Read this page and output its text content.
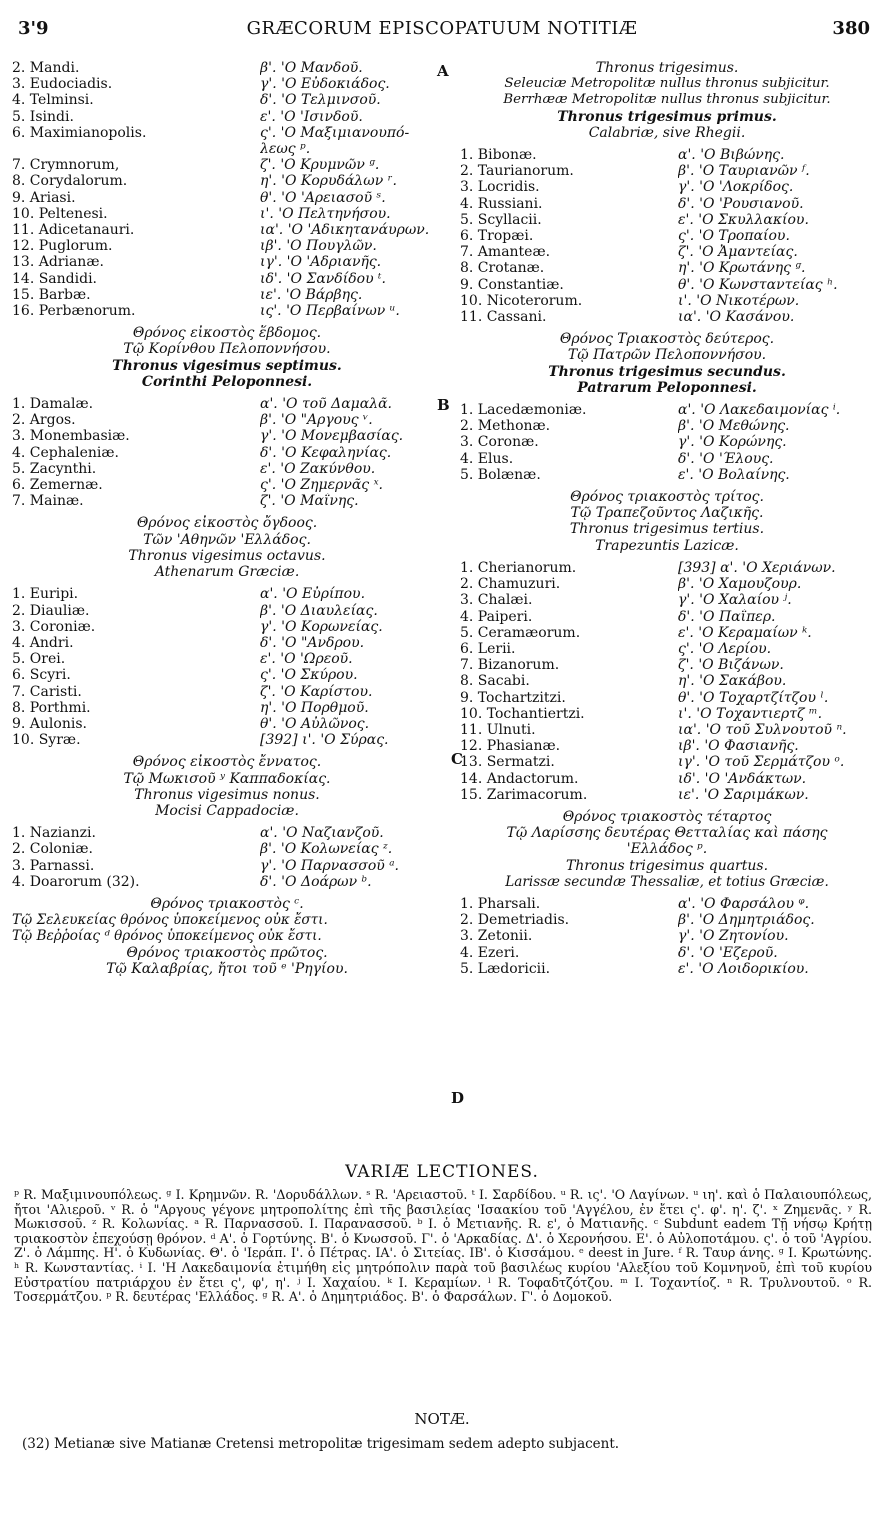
3'9	GRÆCORUM EPISCOPATUUM NOTITIÆ	380
A
B
C
D
2. Mandi.	β'. 'Ο Μανδοῦ.
3. Eudociadis.	γ'. 'Ο Εὐδοκιάδος.
4. Telminsi.	δ'. 'Ο Τελμινσοῦ.
5. Isindi.	ε'. 'Ο 'Ισινδοῦ.
6. Maximianopolis.	ς'. 'Ο Μαξιμιανουπό-
λεως ᵖ.
7. Crymnorum,	ζ'. 'Ο Κρυμνῶν ᵍ.
8. Corydalorum.	η'. 'Ο Κορυδάλων ʳ.
9. Ariasi.	θ'. 'Ο 'Αρειασοῦ ˢ.
10. Peltenesi.	ι'. 'Ο Πελτηνήσου.
11. Adicetanauri.	ια'. 'Ο 'Αδικητανάυρων.
12. Puglorum.	ιβ'. 'Ο Πουγλῶν.
13. Adrianæ.	ιγ'. 'Ο 'Αδριανῆς.
14. Sandidi.	ιδ'. 'Ο Σανδίδου ᵗ.
15. Barbæ.	ιε'. 'Ο Βάρβης.
16. Perbænorum.	ις'. 'Ο Περβαίνων ᵘ.
Θρόνος εἰκοστὸς ἕβδομος.
Τῷ Κορίνθου Πελοποννήσου.
Thronus vigesimus septimus.
Corinthi Peloponnesi.
1. Damalæ.	α'. 'Ο τοῦ Δαμαλᾶ.
2. Argos.	β'. 'Ο "Αργους ᵛ.
3. Monembasiæ.	γ'. 'Ο Μονεμβασίας.
4. Cephaleniæ.	δ'. 'Ο Κεφαληνίας.
5. Zacynthi.	ε'. 'Ο Ζακύνθου.
6. Zemernæ.	ς'. 'Ο Ζημερνᾶς ˣ.
7. Mainæ.	ζ'. 'Ο Μαΐνης.
Θρόνος εἰκοστὸς ὄγδοος.
Τῶν 'Αθηνῶν 'Ελλάδος.
Thronus vigesimus octavus.
Athenarum Græciæ.
1. Euripi.	α'. 'Ο Εὐρίπου.
2. Diauliæ.	β'. 'Ο Διαυλείας.
3. Coroniæ.	γ'. 'Ο Κορωνείας.
4. Andri.	δ'. 'Ο "Ανδρου.
5. Orei.	ε'. 'Ο 'Ωρεοῦ.
6. Scyri.	ς'. 'Ο Σκύρου.
7. Caristi.	ζ'. 'Ο Καρίστου.
8. Porthmi.	η'. 'Ο Πορθμοῦ.
9. Aulonis.	θ'. 'Ο Αὐλῶνος.
10. Syræ.	[392] ι'. 'Ο Σύρας.
Θρόνος εἰκοστὸς ἔννατος.
Τῷ Μωκισοῦ ʸ Καππαδοκίας.
Thronus vigesimus nonus.
Mocisi Cappadociæ.
1. Nazianzi.	α'. 'Ο Ναζιανζοῦ.
2. Coloniæ.	β'. 'Ο Κολωνείας ᶻ.
3. Parnassi.	γ'. 'Ο Παρνασσοῦ ᵃ.
4. Doarorum (32).	δ'. 'Ο Δοάρων ᵇ.
Θρόνος τριακοστὸς ᶜ.
Τῷ Σελευκείας θρόνος ὑποκείμενος οὐκ ἔστι.
Τῷ Βεῤῥοίας ᵈ θρόνος ὑποκείμενος οὐκ ἔστι.
Θρόνος τριακοστὸς πρῶτος.
Τῷ Καλαβρίας, ἤτοι τοῦ ᵉ 'Ρηγίου.
Thronus trigesimus.
Seleuciæ Metropolitæ nullus thronus subjicitur.
Berrhææ Metropolitæ nullus thronus subjicitur.
Thronus trigesimus primus.
Calabriæ, sive Rhegii.
1. Bibonæ.	α'. 'Ο Βιβώνης.
2. Taurianorum.	β'. 'Ο Ταυριανῶν ᶠ.
3. Locridis.	γ'. 'Ο 'Λοκρίδος.
4. Russiani.	δ'. 'Ο 'Ρουσιανοῦ.
5. Scyllacii.	ε'. 'Ο Σκυλλακίου.
6. Tropæi.	ς'. 'Ο Τροπαίου.
7. Amanteæ.	ζ'. 'Ο Ἀμαντείας.
8. Crotanæ.	η'. 'Ο Κρωτάνης ᵍ.
9. Constantiæ.	θ'. 'Ο Κωνσταντείας ʰ.
10. Nicoterorum.	ι'. 'Ο Νικοτέρων.
11. Cassani.	ια'. 'Ο Κασάνου.
Θρόνος Τριακοστὸς δεύτερος.
Τῷ Πατρῶν Πελοποννήσου.
Thronus trigesimus secundus.
Patrarum Peloponnesi.
1. Lacedæmoniæ.	α'. 'Ο Λακεδαιμονίας ⁱ.
2. Methonæ.	β'. 'Ο Μεθώνης.
3. Coronæ.	γ'. 'Ο Κορώνης.
4. Elus.	δ'. 'Ο 'Έλους.
5. Bolænæ.	ε'. 'Ο Βολαίνης.
Θρόνος τριακοστὸς τρίτος.
Τῷ Τραπεζοῦντος Λαζικῆς.
Thronus trigesimus tertius.
Trapezuntis Lazicæ.
1. Cherianorum.	[393] α'. 'Ο Χεριάνων.
2. Chamuzuri.	β'. 'Ο Χαμουζουρ.
3. Chalæi.	γ'. 'Ο Χαλαίου ʲ.
4. Paiperi.	δ'. 'Ο Παΐπερ.
5. Ceramæorum.	ε'. 'Ο Κεραμαίων ᵏ.
6. Lerii.	ς'. 'Ο Λερίου.
7. Bizanorum.	ζ'. 'Ο Βιζάνων.
8. Sacabi.	η'. 'Ο Σακάβου.
9. Tochartzitzi.	θ'. 'Ο Τοχαρτζίτζου ˡ.
10. Tochantiertzi.	ι'. 'Ο Τοχαντιερτζ ᵐ.
11. Ulnuti.	ια'. 'Ο τοῦ Συλνουτοῦ ⁿ.
12. Phasianæ.	ιβ'. 'Ο Φασιανῆς.
13. Sermatzi.	ιγ'. 'Ο τοῦ Σερμάτζου ᵒ.
14. Andactorum.	ιδ'. 'Ο 'Ανδάκτων.
15. Zarimacorum.	ιε'. 'Ο Σαριμάκων.
Θρόνος τριακοστὸς τέταρτος
Τῷ Λαρίσσης δευτέρας Θετταλίας καὶ πάσης
'Ελλάδος ᵖ.
Thronus trigesimus quartus.
Larissæ secundæ Thessaliæ, et totius Græciæ.
1. Pharsali.	α'. 'Ο Φαρσάλου ᵠ.
2. Demetriadis.	β'. 'Ο Δημητριάδος.
3. Zetonii.	γ'. 'Ο Ζητονίου.
4. Ezeri.	δ'. 'Ο 'Εζεροῦ.
5. Lædoricii.	ε'. 'Ο Λοιδορικίου.
VARIÆ LECTIONES.
ᵖ R. Μαξιμινουπόλεως. ᵍ I. Κρημνῶν. R. 'Δορυδάλλων. ˢ R. 'Αρειαστοῦ. ᵗ I. Σαρδίδου. ᵘ R. ις'. 'Ο Λαγίνων. ᵘ ιη'. καὶ ὁ Παλαιουπόλεως, ἤτοι 'Αλιεροῦ. ᵛ R. ὁ "Αργους γέγονε μητροπολίτης ἐπὶ τῆς βασιλείας 'Ισαακίου τοῦ 'Αγγέλου, ἐν ἔτει ς'. φ'. η'. ζ'. ˣ Ζημενᾶς. ʸ R. Μωκισσοῦ. ᶻ R. Κολωνίας. ᵃ R. Παρνασσοῦ. I. Παρανασσοῦ. ᵇ I. ὁ Μετιανῆς. R. ε', ὁ Ματιανῆς. ᶜ Subdunt eadem Τῇ νήσῳ Κρήτῃ τριακοστὸν ἐπεχούσῃ θρόνον. ᵈ Α'. ὁ Γορτύνης. Β'. ὁ Κνωσσοῦ. Γ'. ὁ 'Αρκαδίας. Δ'. ὁ Χερονήσου. Ε'. ὁ Αὐλοποτάμου. ς'. ὁ τοῦ 'Αγρίου. Ζ'. ὁ Λάμπης. Η'. ὁ Κυδωνίας. Θ'. ὁ 'Ιεράπ. Ι'. ὁ Πέτρας. ΙΑ'. ὁ Σιτείας. ΙΒ'. ὁ Κισσάμου. ᵉ deest in Jure. ᶠ R. Ταυρ άνης. ᵍ I. Κρωτώνης. ʰ R. Κωνσταντίας. ⁱ I. 'Η Λακεδαιμονία ἐτιμήθη εἰς μητρόπολιν παρὰ τοῦ βασιλέως κυρίου 'Αλεξίου τοῦ Κομνηνοῦ, ἐπὶ τοῦ κυρίου Εὐστρατίου πατριάρχου ἐν ἔτει ς', φ', η'. ʲ I. Χαχαίου. ᵏ I. Κεραμίων. ˡ R. Τοφαδτζότζου. ᵐ I. Τοχαντίοζ. ⁿ R. Τρυλνουτοῦ. ᵒ R. Τοσερμάτζου. ᵖ R. δευτέρας 'Ελλάδος. ᵍ R. Α'. ὁ Δημητριάδος. Β'. ὁ Φαρσάλων. Γ'. ὁ Δομοκοῦ.
NOTÆ.
(32) Metianæ sive Matianæ Cretensi metropolitæ trigesimam sedem adepto subjacent.
